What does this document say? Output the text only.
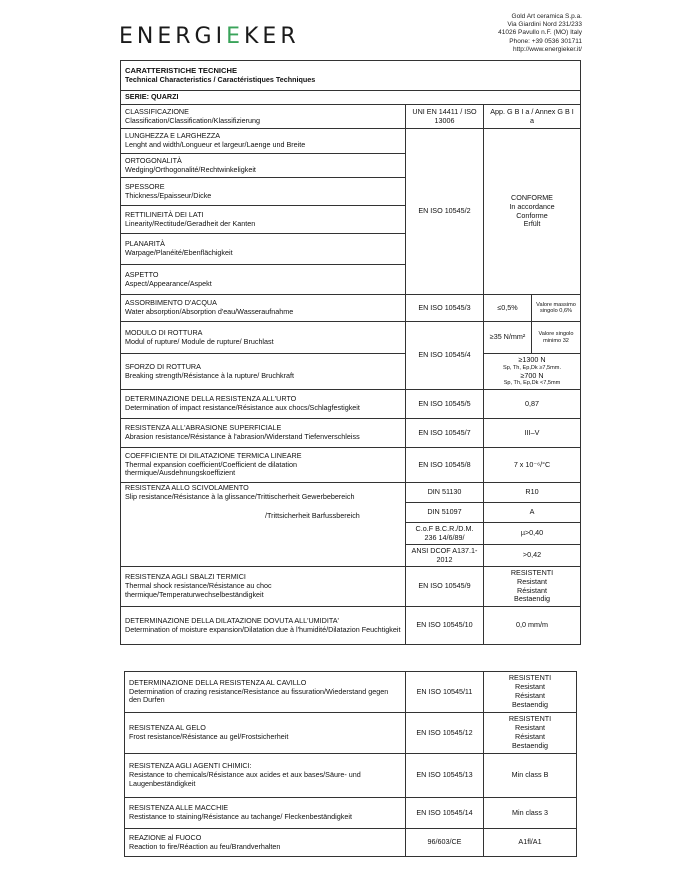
ENERGIEKER
Gold Art ceramica S.p.a.
Via Giardini Nord 231/233
41026 Pavullo n.F. (MO) Italy
Phone: +39 0536 301711
http://www.energieker.it/
CARATTERISTICHE TECNICHE
Technical Characteristics / Caractéristiques Techniques			

SERIE: QUARZI			

CLASSIFICAZIONE
Classification/Classification/Klassifizierung	UNI EN 14411 / ISO 13006	App. G B I a / Annex G B I a	

LUNGHEZZA E LARGHEZZA
Lenght and width/Longueur et largeur/Laenge und Breite	EN ISO 10545/2	CONFORME
In accordance
Conforme
Erfült	

ORTOGONALITÀ
Wedging/Orthogonalité/Rechtwinkeligkeit			

SPESSORE
Thickness/Epaisseur/Dicke			

RETTILINEITÀ DEI LATI
Linearity/Rectitude/Geradheit der Kanten			

PLANARITÀ
Warpage/Planéité/Ebenflächigkeit			

ASPETTO
Aspect/Appearance/Aspekt			

ASSORBIMENTO D'ACQUA
Water absorption/Absorption d'eau/Wasseraufnahme	EN ISO 10545/3	≤0,5%	Valore massimo singolo 0,6%

MODULO DI ROTTURA
Modul of rupture/ Module de rupture/ Bruchlast	EN ISO 10545/4	≥35 N/mm²	Valore singolo minimo 32

SFORZO DI ROTTURA
Breaking strength/Résistance à la rupture/ Bruchkraft		≥1300 N
Sp, Th, Ep,Dk ≥7,5mm.
≥700 N
Sp, Th, Ep,Dk <7,5mm	

DETERMINAZIONE DELLA RESISTENZA ALL'URTO
Determination of impact resistance/Résistance aux chocs/Schlagfestigkeit	EN ISO 10545/5	0,87	

RESISTENZA ALL'ABRASIONE SUPERFICIALE
Abrasion resistance/Résistance à l'abrasion/Widerstand Tiefenverschleiss	EN ISO 10545/7	III–V	

COEFFICIENTE DI DILATAZIONE TERMICA LINEARE
Thermal expansion coefficient/Coefficient de dilatation thermique/Ausdehnungskoeffizient	EN ISO 10545/8	7 x 10⁻⁶/°C	

RESISTENZA ALLO SCIVOLAMENTO
Slip resistance/Résistance à la glissance/Trittischerheit Gewerbebereich
/Trittsicherheit Barfussbereich	DIN 51130	R10	
	DIN 51097	A	
	C.o.F B.C.R./D.M. 236 14/6/89/	µ>0,40	
	ANSI DCOF A137.1-2012	>0,42	

RESISTENZA AGLI SBALZI TERMICI
Thermal shock resistance/Résistance au choc thermique/Temperaturwechselbeständigkeit	EN ISO 10545/9	RESISTENTI
Resistant
Résistant
Bestaendig	

DETERMINAZIONE DELLA DILATAZIONE DOVUTA ALL'UMIDITA'
Determination of moisture expansion/Dilatation due à l'humidité/Dilatazion Feuchtigkeit	EN ISO 10545/10	0,0 mm/m	
DETERMINAZIONE DELLA RESISTENZA AL CAVILLO
Determination of crazing resistance/Resistance au fissuration/Wiederstand gegen den Durfen	EN ISO 10545/11	RESISTENTI
Resistant
Résistant
Bestaendig

RESISTENZA AL GELO
Frost resistance/Résistance au gel/Frostsicherheit	EN ISO 10545/12	RESISTENTI
Resistant
Résistant
Bestaendig

RESISTENZA AGLI AGENTI CHIMICI:
Resistance to chemicals/Résistance aux acides et aux bases/Säure- und Laugenbeständigkeit	EN ISO 10545/13	Min class B

RESISTENZA ALLE MACCHIE
Restistance to staining/Résistance au tachange/ Fleckenbeständigkeit	EN ISO 10545/14	Min class 3

REAZIONE al FUOCO
Reaction to fire/Réaction au feu/Brandverhalten	96/603/CE	A1fl/A1
